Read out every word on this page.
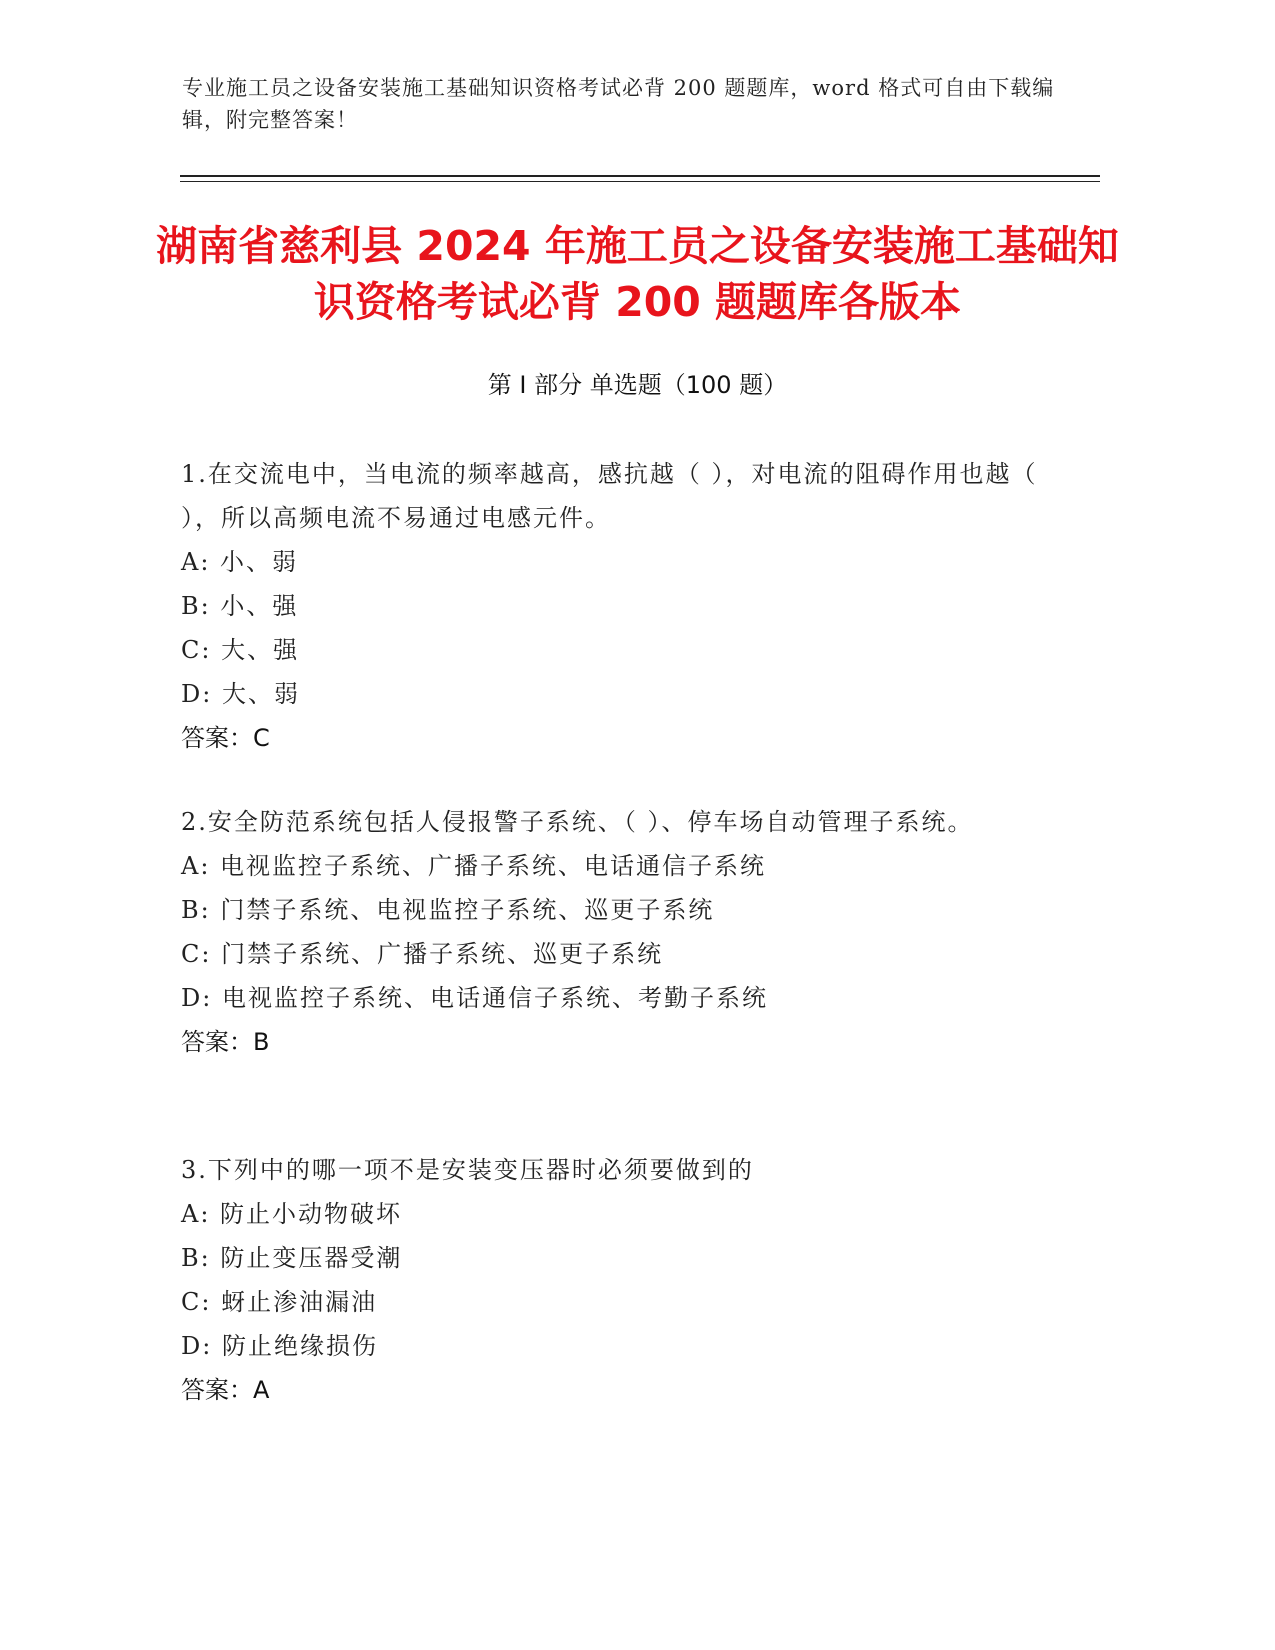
专业施工员之设备安装施工基础知识资格考试必背 200 题题库，word 格式可自由下载编辑，附完整答案！
湖南省慈利县 2024 年施工员之设备安装施工基础知识资格考试必背 200 题题库各版本
第 I 部分 单选题（100 题）
1.在交流电中，当电流的频率越高，感抗越（ ），对电流的阻碍作用也越（ ），所以高频电流不易通过电感元件。
A: 小、弱
B: 小、强
C: 大、强
D: 大、弱
答案：C
2.安全防范系统包括人侵报警子系统、（ ）、停车场自动管理子系统。
A: 电视监控子系统、广播子系统、电话通信子系统
B: 门禁子系统、电视监控子系统、巡更子系统
C: 门禁子系统、广播子系统、巡更子系统
D: 电视监控子系统、电话通信子系统、考勤子系统
答案：B
3.下列中的哪一项不是安装变压器时必须要做到的
A: 防止小动物破坏
B: 防止变压器受潮
C: 蚜止渗油漏油
D: 防止绝缘损伤
答案：A
